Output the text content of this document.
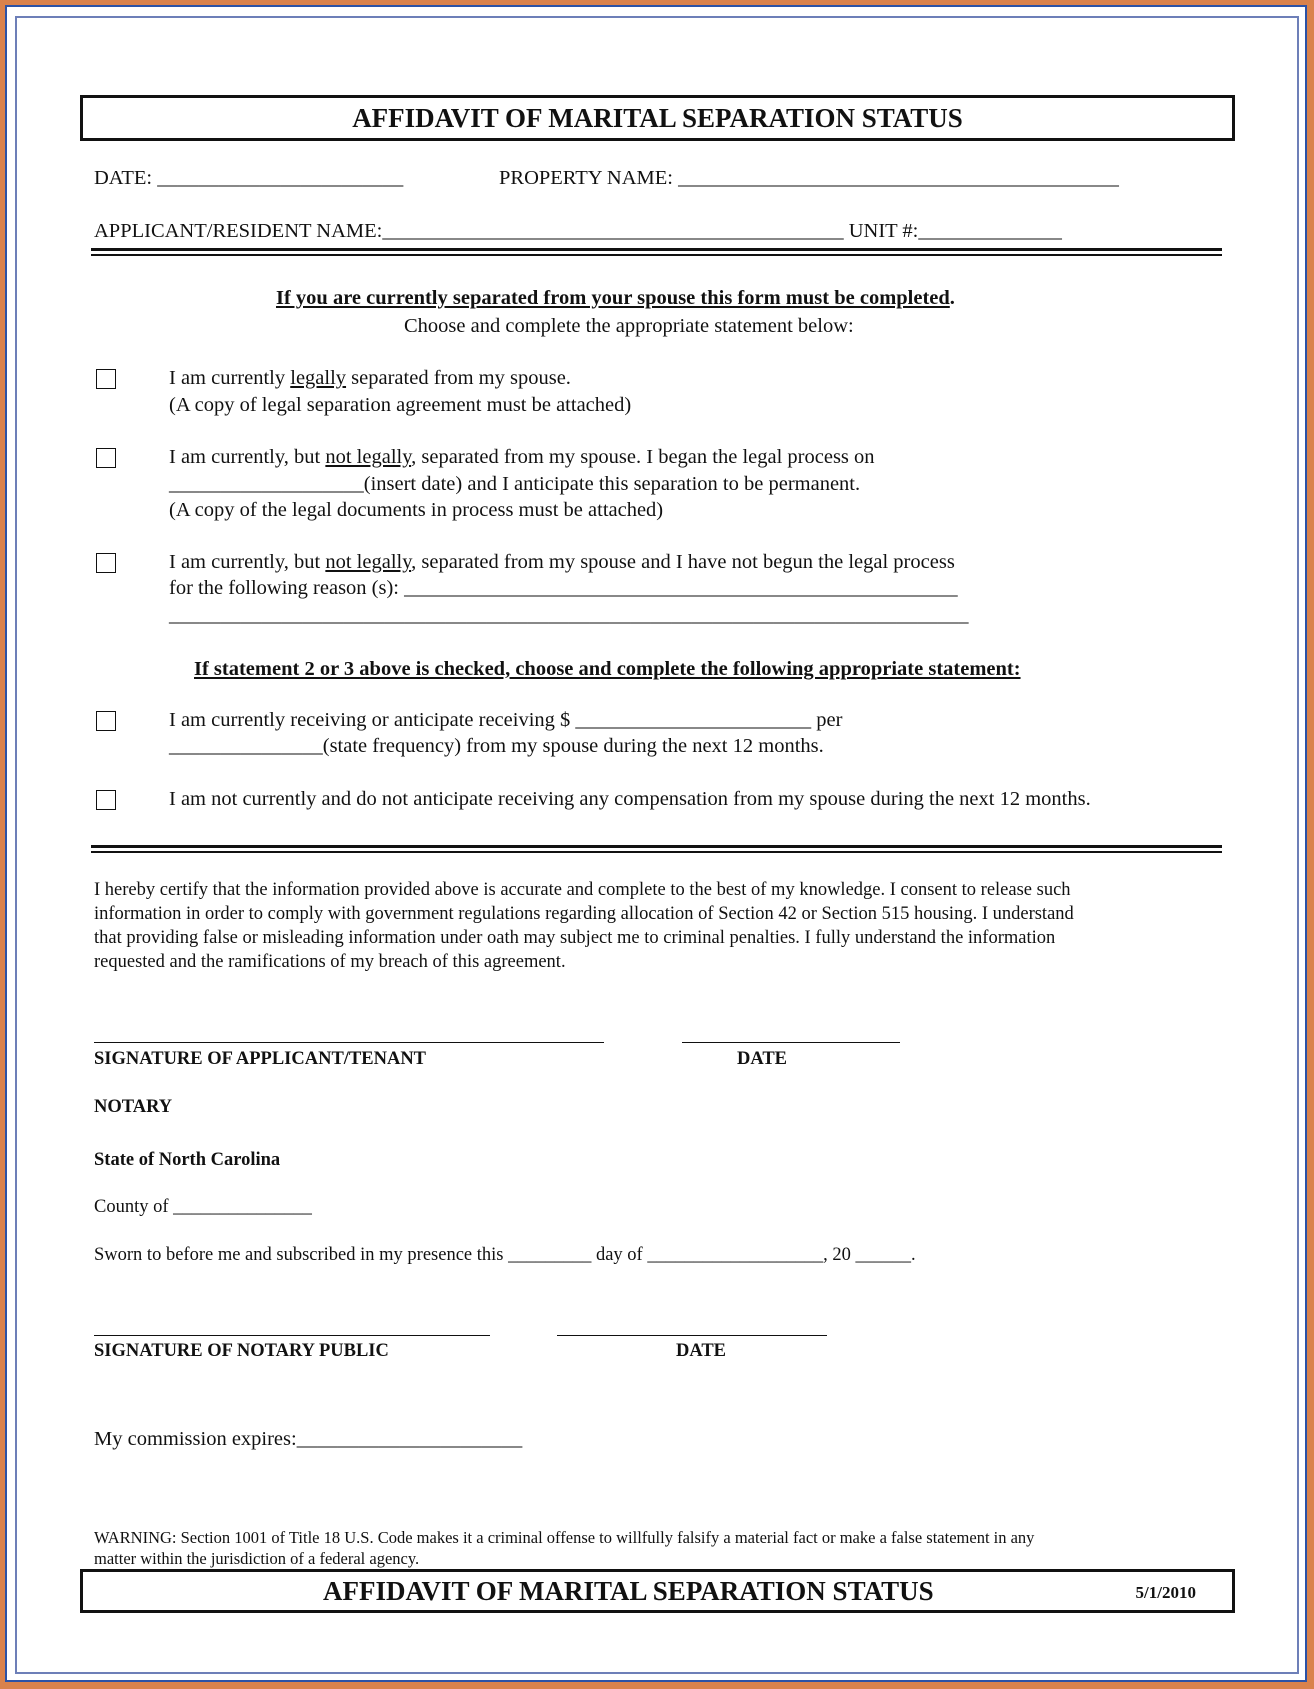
AFFIDAVIT OF MARITAL SEPARATION STATUS
DATE: ________________________	PROPERTY NAME: ___________________________________________
APPLICANT/RESIDENT NAME:_____________________________________________ UNIT #:______________
If you are currently separated from your spouse this form must be completed.
Choose and complete the appropriate statement below:
I am currently legally separated from my spouse.
(A copy of legal separation agreement must be attached)
I am currently, but not legally, separated from my spouse. I began the legal process on
___________________(insert date) and I anticipate this separation to be permanent.
(A copy of the legal documents in process must be attached)
I am currently, but not legally, separated from my spouse and I have not begun the legal process
for the following reason (s): ______________________________________________________
______________________________________________________________________________
If statement 2 or 3 above is checked, choose and complete the following appropriate statement:
I am currently receiving or anticipate receiving $ _______________________ per
_______________(state frequency) from my spouse during the next 12 months.
I am not currently and do not anticipate receiving any compensation from my spouse during the next 12 months.
I hereby certify that the information provided above is accurate and complete to the best of my knowledge. I consent to release such
information in order to comply with government regulations regarding allocation of Section 42 or Section 515 housing. I understand
that providing false or misleading information under oath may subject me to criminal penalties. I fully understand the information
requested and the ramifications of my breach of this agreement.
SIGNATURE OF APPLICANT/TENANT	DATE
NOTARY
State of North Carolina
County of _______________
Sworn to before me and subscribed in my presence this _________ day of ___________________, 20 ______.
SIGNATURE OF NOTARY PUBLIC	DATE
My commission expires:______________________
WARNING: Section 1001 of Title 18 U.S. Code makes it a criminal offense to willfully falsify a material fact or make a false statement in any
matter within the jurisdiction of a federal agency.
AFFIDAVIT OF MARITAL SEPARATION STATUS	5/1/2010
